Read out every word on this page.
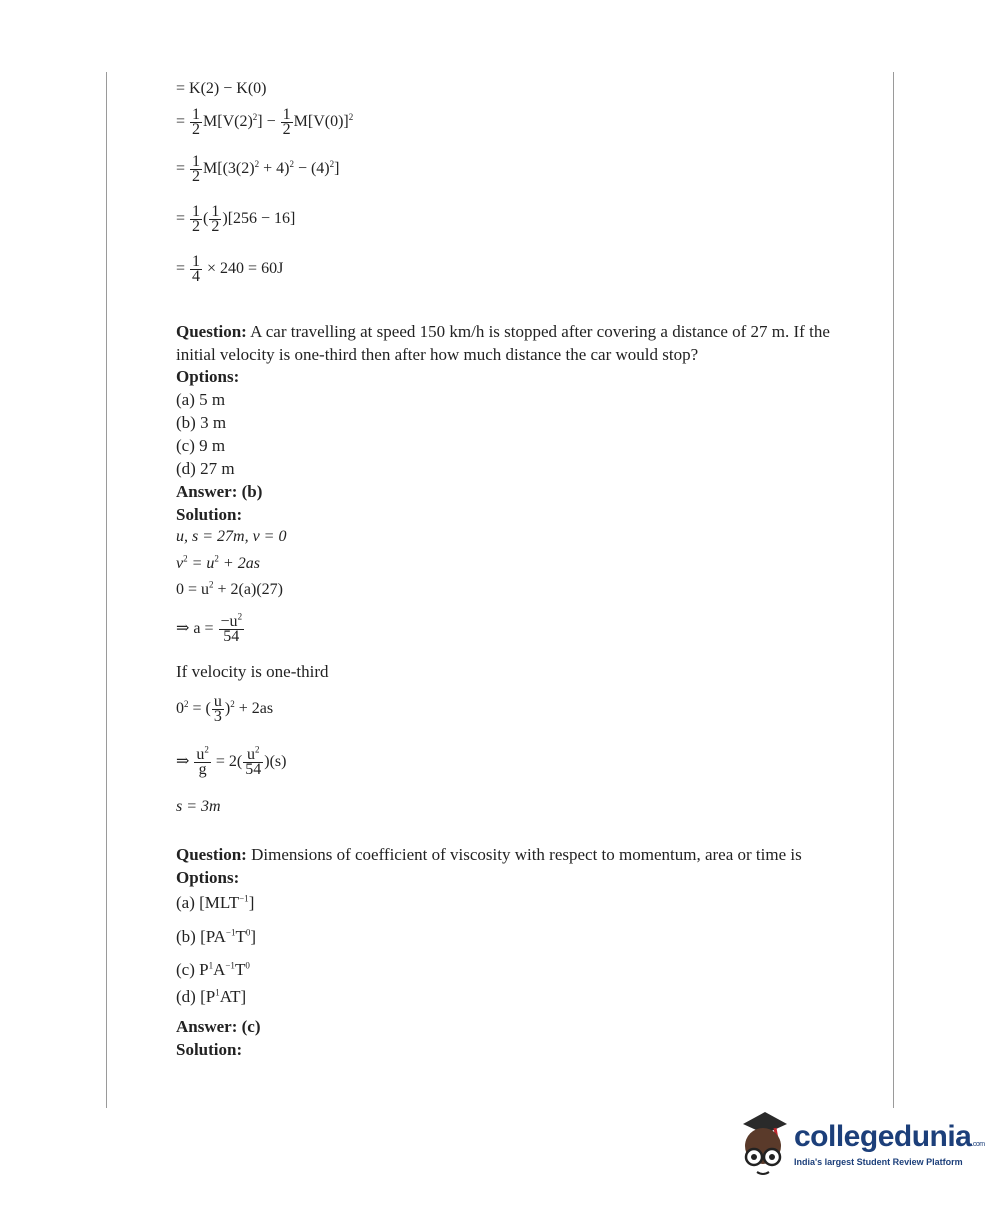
= K(2) − K(0)
= $\frac{1}{2} M[V(2)^2] - \frac{1}{2} M[V(0)]^2$
= $\frac{1}{2} M[(3(2)^2 + 4)^2 - (4)^2]$
= $\frac{1}{2}$ ( $\frac{1}{2} )[256 - 16]$
= $\frac{1}{4} \times 240 = 60J$
Question: A car travelling at speed 150 km/h is stopped after covering a distance of 27 m. If the initial velocity is one-third then after how much distance the car would stop?
Options:
(a) 5 m
(b) 3 m
(c) 9 m
(d) 27 m
Answer: (b)
Solution:
u, s = 27m, v = 0
$v^2 = u^2 + 2as$
$0 = u^2 + 2(a)(27)$
⇒ $a = \frac{-u^2}{54}$
If velocity is one-third
$0^2$ = ( $\frac{u}{3} )^2 + 2as$
⇒ $\frac{u^2}{g} = 2( \frac{u^2}{54} )(s)$
s = 3m
Question: Dimensions of coefficient of viscosity with respect to momentum, area or time is
Options:
(a) $[MLT^{-1}]$
(b) $[PA^{-1}T^0]$
(c) $P^1A^{-1}T^0$
(d) $[P^1AT]$
Answer: (c)
Solution:
collegedunia.com
India's largest Student Review Platform
